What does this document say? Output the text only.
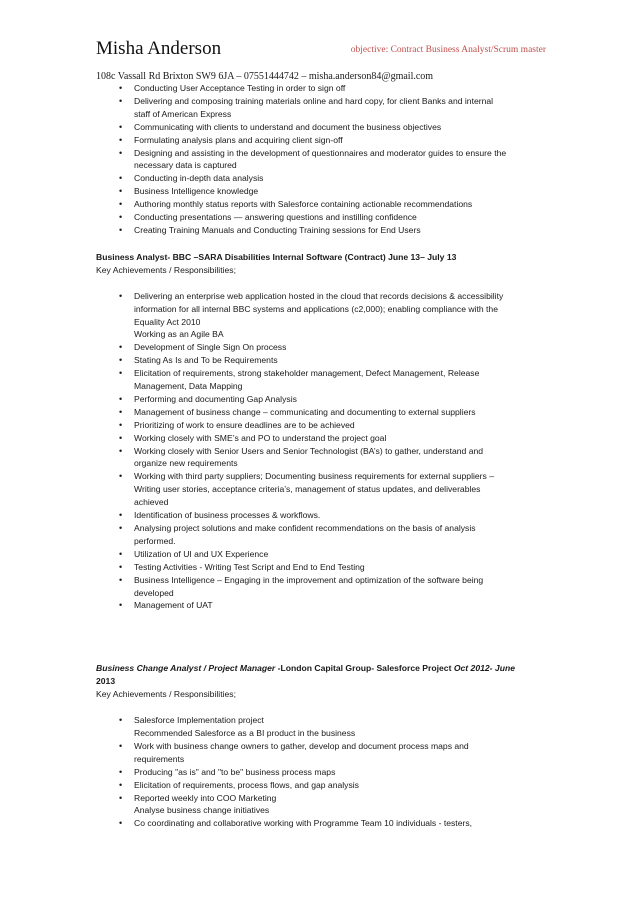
Misha Anderson	objective: Contract Business Analyst/Scrum master
108c Vassall Rd Brixton SW9 6JA – 07551444742 – misha.anderson84@gmail.com
• Conducting User Acceptance Testing in order to sign off
• Delivering and composing training materials online and hard copy, for client Banks and internal
staff of American Express
• Communicating with clients to understand and document the business objectives
• Formulating analysis plans and acquiring client sign-off
• Designing and assisting in the development of questionnaires and moderator guides to ensure the
necessary data is captured
• Conducting in-depth data analysis
• Business Intelligence knowledge
• Authoring monthly status reports with Salesforce containing actionable recommendations
• Conducting presentations — answering questions and instilling confidence
• Creating Training Manuals and Conducting Training sessions for End Users
Business Analyst- BBC –SARA Disabilities Internal Software (Contract) June 13– July 13
Key Achievements / Responsibilities;
• Delivering an enterprise web application hosted in the cloud that records decisions & accessibility
information for all internal BBC systems and applications (c2,000); enabling compliance with the
Equality Act 2010
Working as an Agile BA
• Development of Single Sign On process
• Stating As Is and To be Requirements
• Elicitation of requirements, strong stakeholder management, Defect Management, Release
Management, Data Mapping
• Performing and documenting Gap Analysis
• Management of business change – communicating and documenting to external suppliers
• Prioritizing of work to ensure deadlines are to be achieved
• Working closely with SME’s and PO to understand the project goal
• Working closely with Senior Users and Senior Technologist (BA’s) to gather, understand and
organize new requirements
• Working with third party suppliers; Documenting business requirements for external suppliers –
Writing user stories, acceptance criteria’s, management of status updates, and deliverables
achieved
• Identification of business processes & workflows.
• Analysing project solutions and make confident recommendations on the basis of analysis
performed.
• Utilization of UI and UX Experience
• Testing Activities - Writing Test Script and End to End Testing
• Business Intelligence – Engaging in the improvement and optimization of the software being
developed
• Management of UAT
Business Change Analyst / Project Manager -London Capital Group- Salesforce Project Oct 2012- June
2013
Key Achievements / Responsibilities;
• Salesforce Implementation project
Recommended Salesforce as a BI product in the business
• Work with business change owners to gather, develop and document process maps and
requirements
• Producing "as is" and "to be" business process maps
• Elicitation of requirements, process flows, and gap analysis
• Reported weekly into COO Marketing
Analyse business change initiatives
• Co coordinating and collaborative working with Programme Team 10 individuals - testers,
